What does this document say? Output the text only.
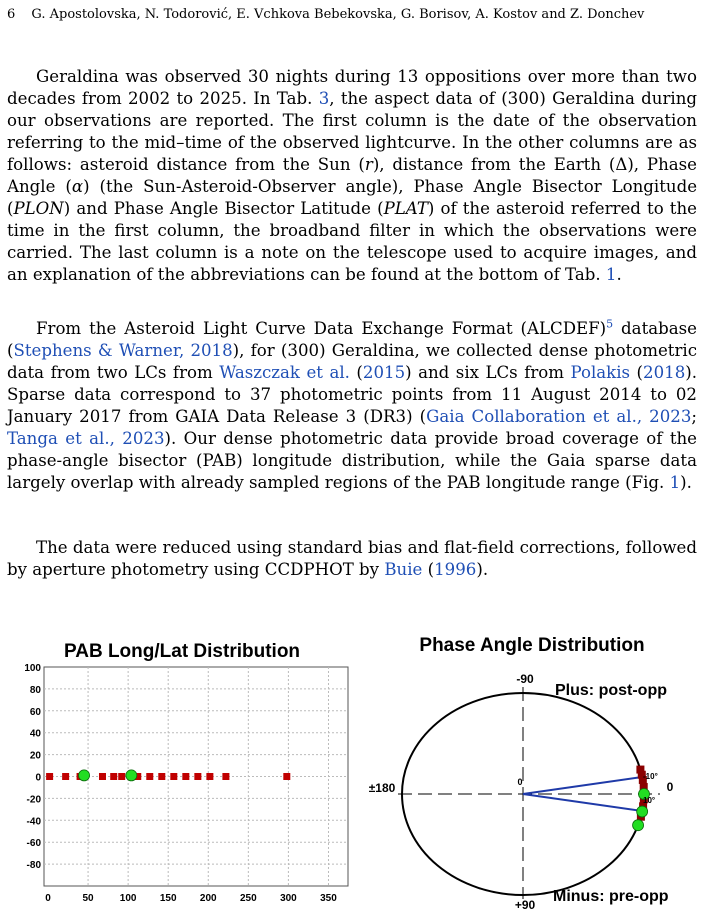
6 G. Apostolovska, N. Todorović, E. Vchkova Bebekovska, G. Borisov, A. Kostov and Z. Donchev

Geraldina was observed 30 nights during 13 oppositions over more than two decades from 2002 to 2025. In Tab. 3, the aspect data of (300) Geraldina during our observations are reported. The first column is the date of the observation referring to the mid–time of the observed lightcurve. In the other columns are as follows: asteroid distance from the Sun (r), distance from the Earth (Δ), Phase Angle (α) (the Sun-Asteroid-Observer angle), Phase Angle Bisector Longitude (PLON) and Phase Angle Bisector Latitude (PLAT) of the asteroid referred to the time in the first column, the broadband filter in which the observations were carried. The last column is a note on the telescope used to acquire images, and an explanation of the abbreviations can be found at the bottom of Tab. 1.

From the Asteroid Light Curve Data Exchange Format (ALCDEF)$^5$ database (Stephens & Warner, 2018), for (300) Geraldina, we collected dense photometric data from two LCs from Waszczak et al. (2015) and six LCs from Polakis (2018). Sparse data correspond to 37 photometric points from 11 August 2014 to 02 January 2017 from GAIA Data Release 3 (DR3) (Gaia Collaboration et al., 2023; Tanga et al., 2023). Our dense photometric data provide broad coverage of the phase-angle bisector (PAB) longitude distribution, while the Gaia sparse data largely overlap with already sampled regions of the PAB longitude range (Fig. 1).

The data were reduced using standard bias and flat-field corrections, followed by aperture photometry using CCDPHOT by Buie (1996).

PAB Long/Lat Distribution
100
80
60
40
20
0
-20
-40
-60
-80
0	50	100 150 200 250 300 350
Phase Angle Distribution
-90
+90
±180	0
0
Plus: post-opp
Minus: pre-opp
-10°
10°
